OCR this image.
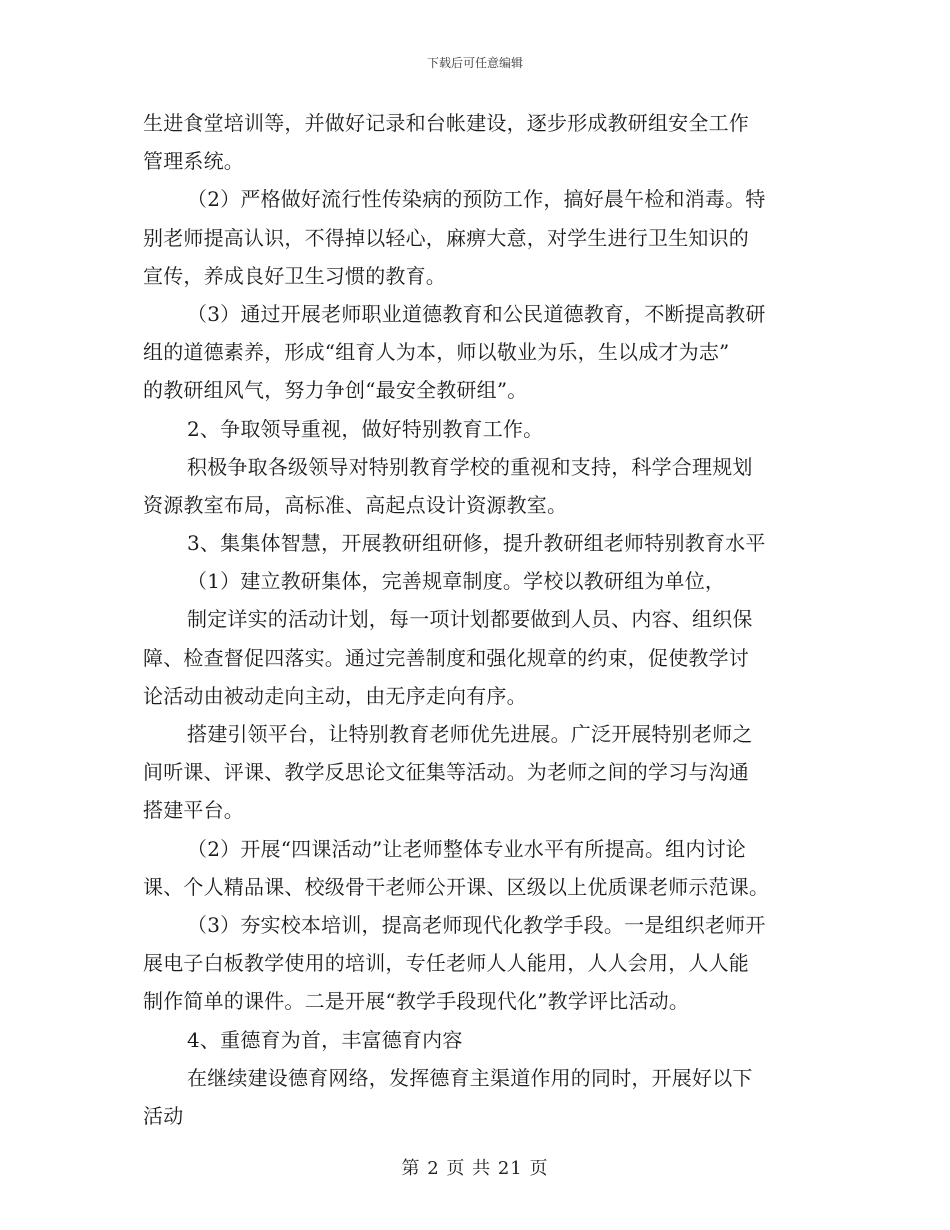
下载后可任意编辑
生进食堂培训等，并做好记录和台帐建设，逐步形成教研组安全工作
管理系统。
（2）严格做好流行性传染病的预防工作，搞好晨午检和消毒。特
别老师提高认识，不得掉以轻心，麻痹大意，对学生进行卫生知识的
宣传，养成良好卫生习惯的教育。
（3）通过开展老师职业道德教育和公民道德教育，不断提高教研
组的道德素养，形成“组育人为本，师以敬业为乐，生以成才为志”
的教研组风气，努力争创“最安全教研组”。
2、争取领导重视，做好特别教育工作。
积极争取各级领导对特别教育学校的重视和支持，科学合理规划
资源教室布局，高标准、高起点设计资源教室。
3、集集体智慧，开展教研组研修，提升教研组老师特别教育水平
（1）建立教研集体，完善规章制度。学校以教研组为单位，
制定详实的活动计划，每一项计划都要做到人员、内容、组织保
障、检查督促四落实。通过完善制度和强化规章的约束，促使教学讨
论活动由被动走向主动，由无序走向有序。
搭建引领平台，让特别教育老师优先进展。广泛开展特别老师之
间听课、评课、教学反思论文征集等活动。为老师之间的学习与沟通
搭建平台。
（2）开展“四课活动”让老师整体专业水平有所提高。组内讨论
课、个人精品课、校级骨干老师公开课、区级以上优质课老师示范课。
（3）夯实校本培训，提高老师现代化教学手段。一是组织老师开
展电子白板教学使用的培训，专任老师人人能用，人人会用，人人能
制作简单的课件。二是开展“教学手段现代化”教学评比活动。
4、重德育为首，丰富德育内容
在继续建设德育网络，发挥德育主渠道作用的同时，开展好以下
活动
第 2 页 共 21 页
